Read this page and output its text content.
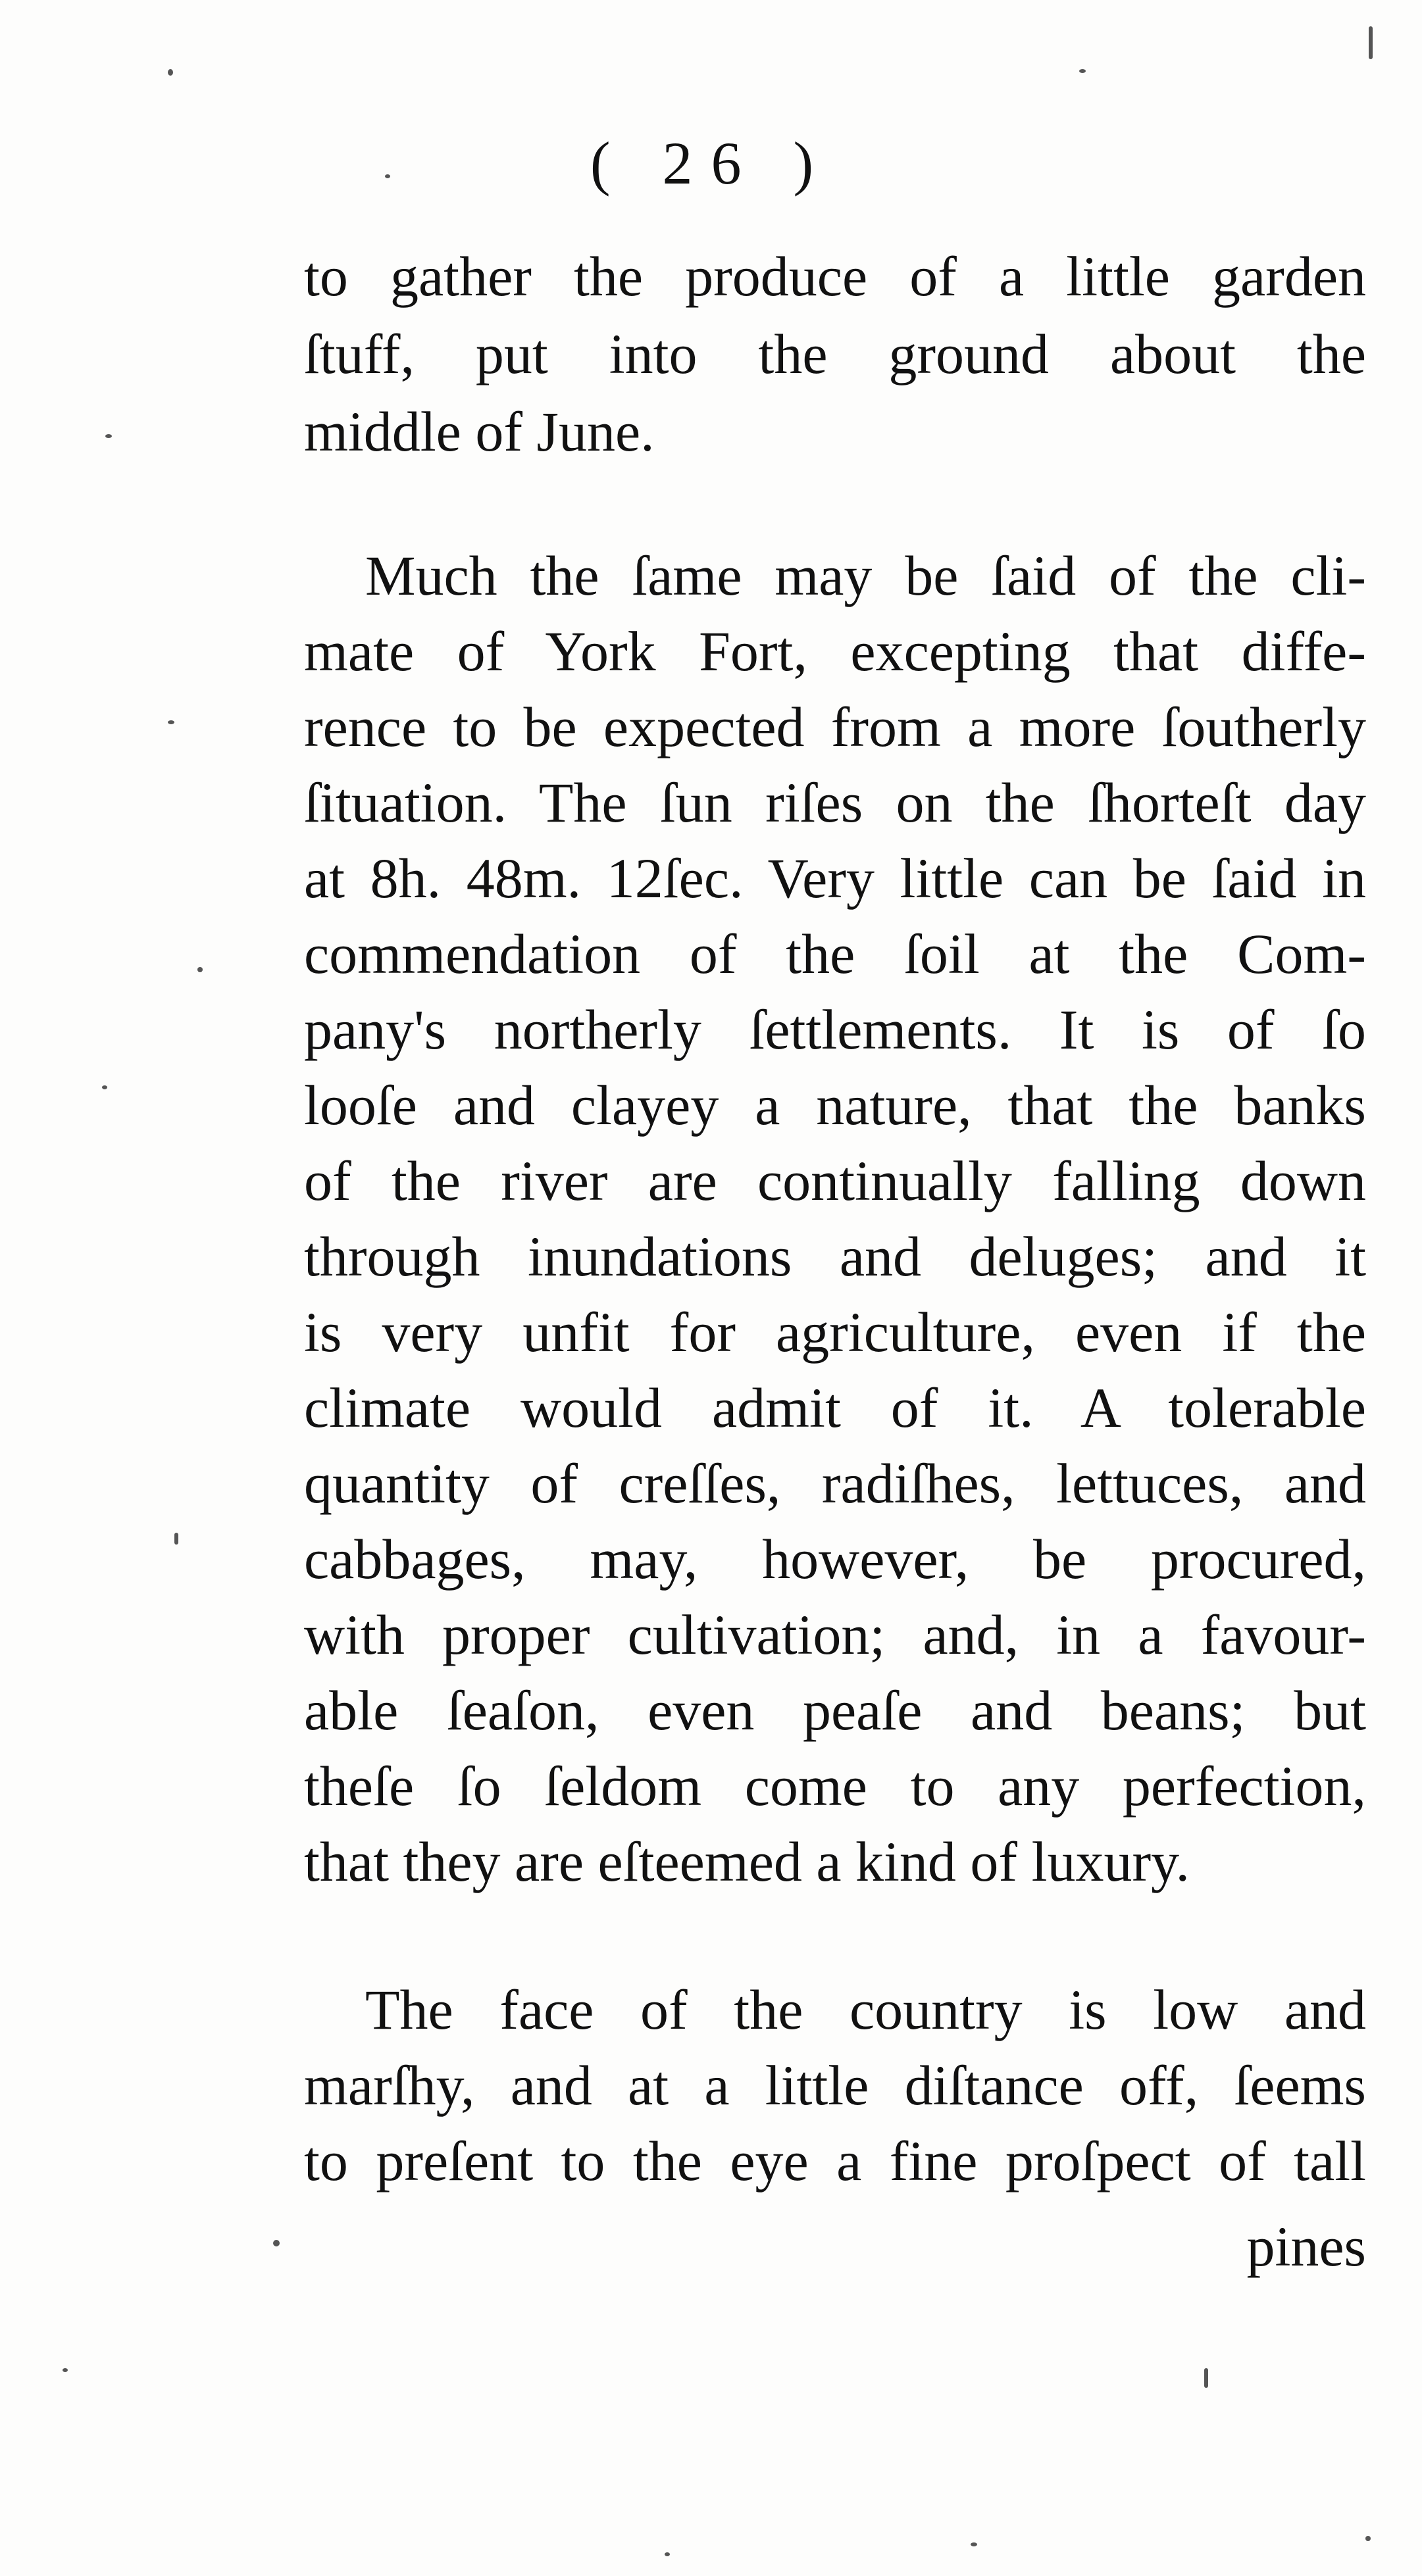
( 26 )
to gather the produce of a little garden
ſtuff, put into the ground about the
middle of June.
Much the ſame may be ſaid of the cli-
mate of York Fort, excepting that diffe-
rence to be expected from a more ſoutherly
ſituation. The ſun riſes on the ſhorteſt day
at 8h. 48m. 12ſec. Very little can be ſaid in
commendation of the ſoil at the Com-
pany's northerly ſettlements. It is of ſo
looſe and clayey a nature, that the banks
of the river are continually falling down
through inundations and deluges; and it
is very unfit for agriculture, even if the
climate would admit of it. A tolerable
quantity of creſſes, radiſhes, lettuces, and
cabbages, may, however, be procured,
with proper cultivation; and, in a favour-
able ſeaſon, even peaſe and beans; but
theſe ſo ſeldom come to any perfection,
that they are eſteemed a kind of luxury.
The face of the country is low and
marſhy, and at a little diſtance off, ſeems
to preſent to the eye a fine proſpect of tall
pines
